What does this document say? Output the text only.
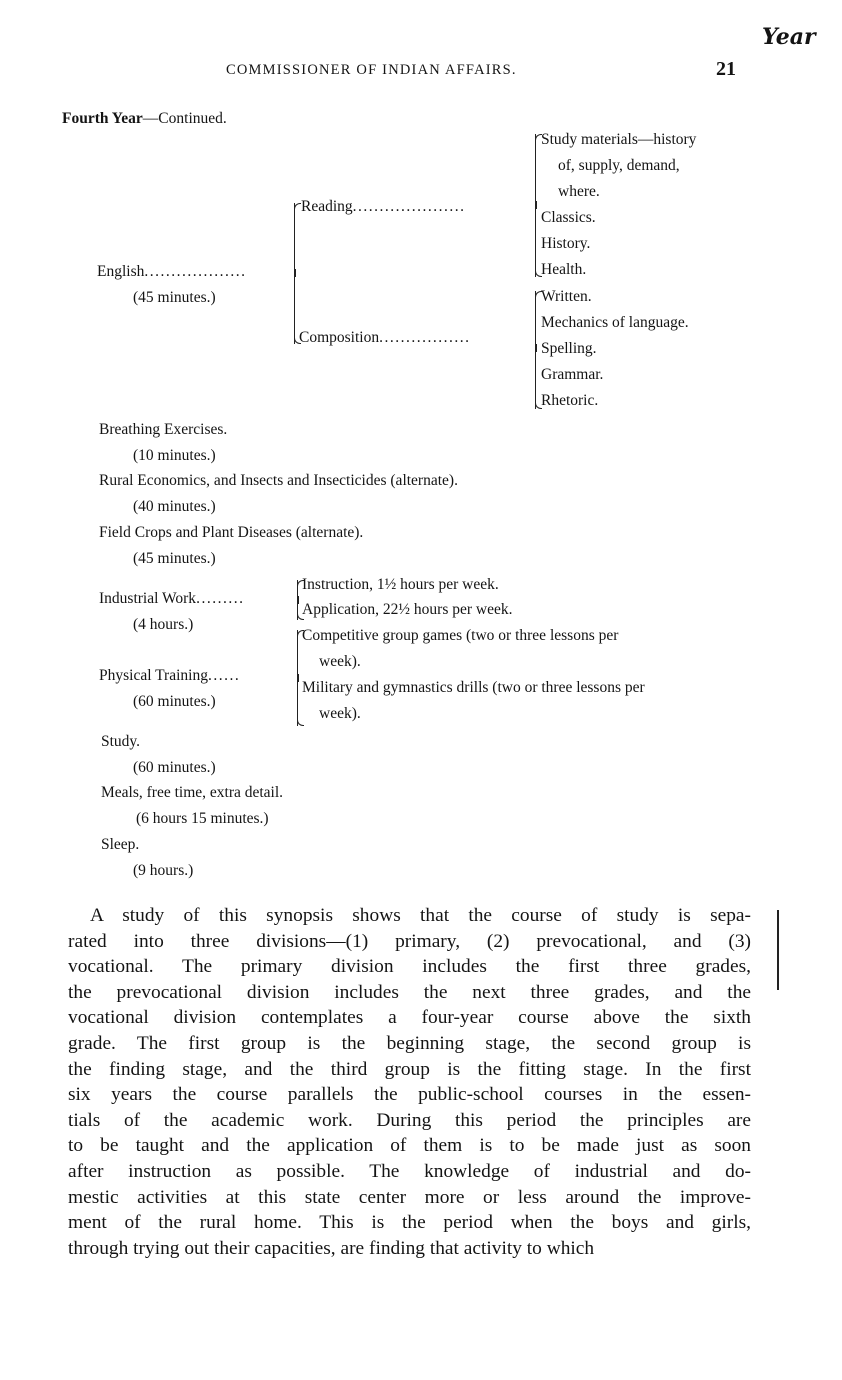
COMMISSIONER OF INDIAN AFFAIRS.	21
Year
Fourth Year—Continued.
English...................
(45 minutes.)
Reading.....................
Composition.................
Study materials—history
of, supply, demand,
where.
Classics.
History.
Health.
Written.
Mechanics of language.
Spelling.
Grammar.
Rhetoric.
Breathing Exercises.
(10 minutes.)
Rural Economics, and Insects and Insecticides (alternate).
(40 minutes.)
Field Crops and Plant Diseases (alternate).
(45 minutes.)
Industrial Work.........
(4 hours.)
Instruction, 1½ hours per week.
Application, 22½ hours per week.
Physical Training......
(60 minutes.)
Competitive group games (two or three lessons per
week).
Military and gymnastics drills (two or three lessons per
week).
Study.
(60 minutes.)
Meals, free time, extra detail.
(6 hours 15 minutes.)
Sleep.
(9 hours.)

A study of this synopsis shows that the course of study is sepa-
rated into three divisions—(1) primary, (2) prevocational, and (3)
vocational. The primary division includes the first three grades,
the prevocational division includes the next three grades, and the
vocational division contemplates a four-year course above the sixth
grade. The first group is the beginning stage, the second group is
the finding stage, and the third group is the fitting stage. In the first
six years the course parallels the public-school courses in the essen-
tials of the academic work. During this period the principles are
to be taught and the application of them is to be made just as soon
after instruction as possible. The knowledge of industrial and do-
mestic activities at this state center more or less around the improve-
ment of the rural home. This is the period when the boys and girls,
through trying out their capacities, are finding that activity to which
